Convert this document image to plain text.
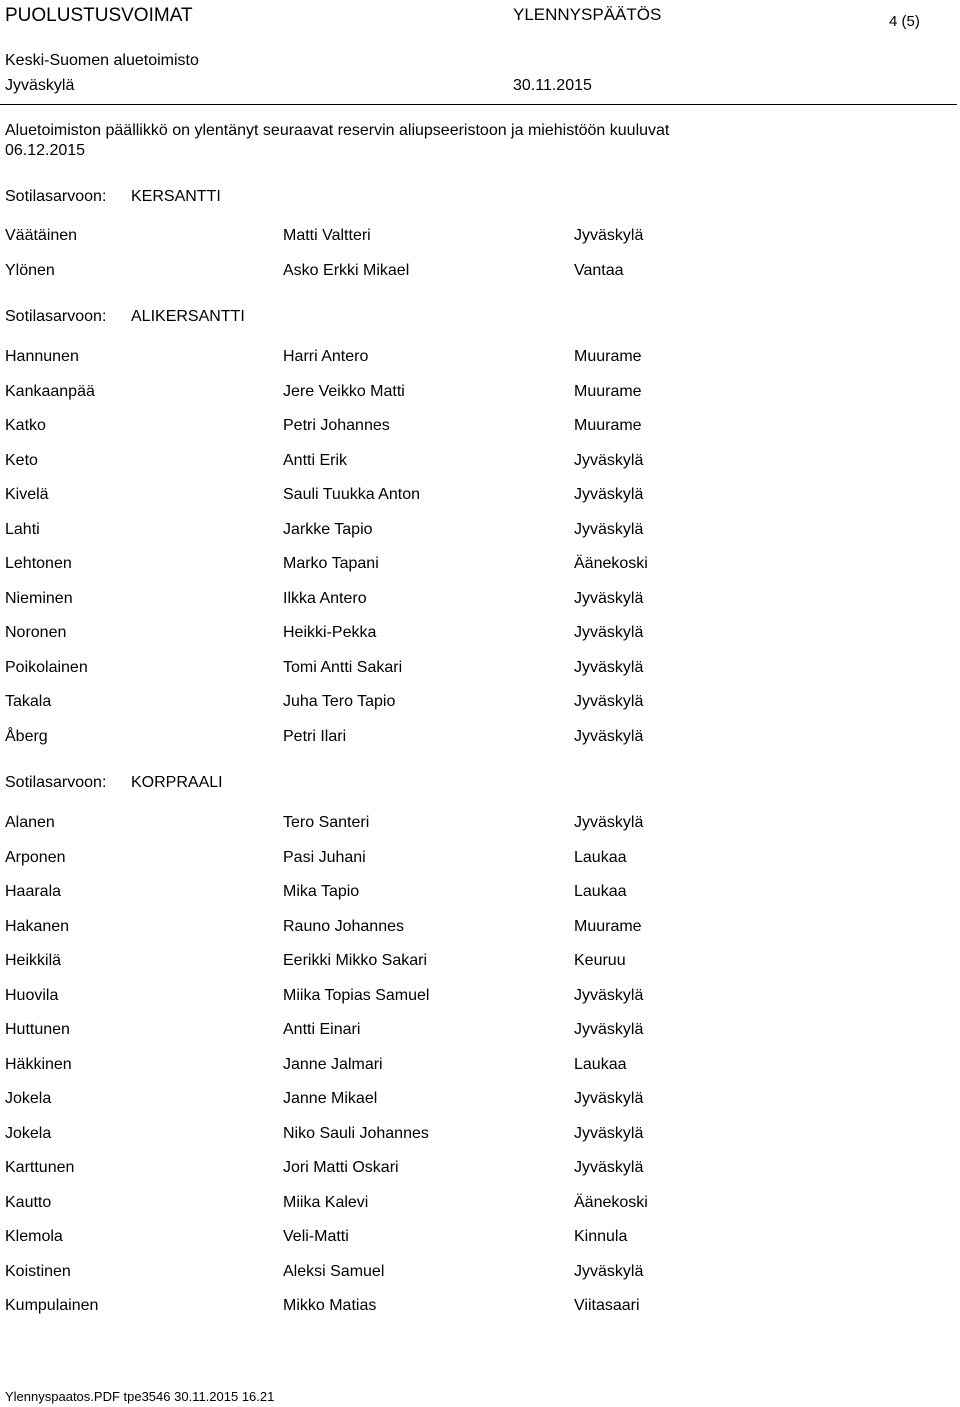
PUOLUSTUSVOIMAT	YLENNYSPÄÄTÖS	4 (5)
Keski-Suomen aluetoimisto
Jyväskylä	30.11.2015
Aluetoimiston päällikkö on ylentänyt seuraavat reservin aliupseeristoon ja miehistöön kuuluvat 06.12.2015
Sotilasarvoon: KERSANTTI
Väätäinen	Matti Valtteri	Jyväskylä
Ylönen	Asko Erkki Mikael	Vantaa
Sotilasarvoon: ALIKERSANTTI
Hannunen	Harri Antero	Muurame
Kankaanpää	Jere Veikko Matti	Muurame
Katko	Petri Johannes	Muurame
Keto	Antti Erik	Jyväskylä
Kivelä	Sauli Tuukka Anton	Jyväskylä
Lahti	Jarkke Tapio	Jyväskylä
Lehtonen	Marko Tapani	Äänekoski
Nieminen	Ilkka Antero	Jyväskylä
Noronen	Heikki-Pekka	Jyväskylä
Poikolainen	Tomi Antti Sakari	Jyväskylä
Takala	Juha Tero Tapio	Jyväskylä
Åberg	Petri Ilari	Jyväskylä
Sotilasarvoon: KORPRAALI
Alanen	Tero Santeri	Jyväskylä
Arponen	Pasi Juhani	Laukaa
Haarala	Mika Tapio	Laukaa
Hakanen	Rauno Johannes	Muurame
Heikkilä	Eerikki Mikko Sakari	Keuruu
Huovila	Miika Topias Samuel	Jyväskylä
Huttunen	Antti Einari	Jyväskylä
Häkkinen	Janne Jalmari	Laukaa
Jokela	Janne Mikael	Jyväskylä
Jokela	Niko Sauli Johannes	Jyväskylä
Karttunen	Jori Matti Oskari	Jyväskylä
Kautto	Miika Kalevi	Äänekoski
Klemola	Veli-Matti	Kinnula
Koistinen	Aleksi Samuel	Jyväskylä
Kumpulainen	Mikko Matias	Viitasaari
Ylennyspaatos.PDF tpe3546 30.11.2015 16.21
